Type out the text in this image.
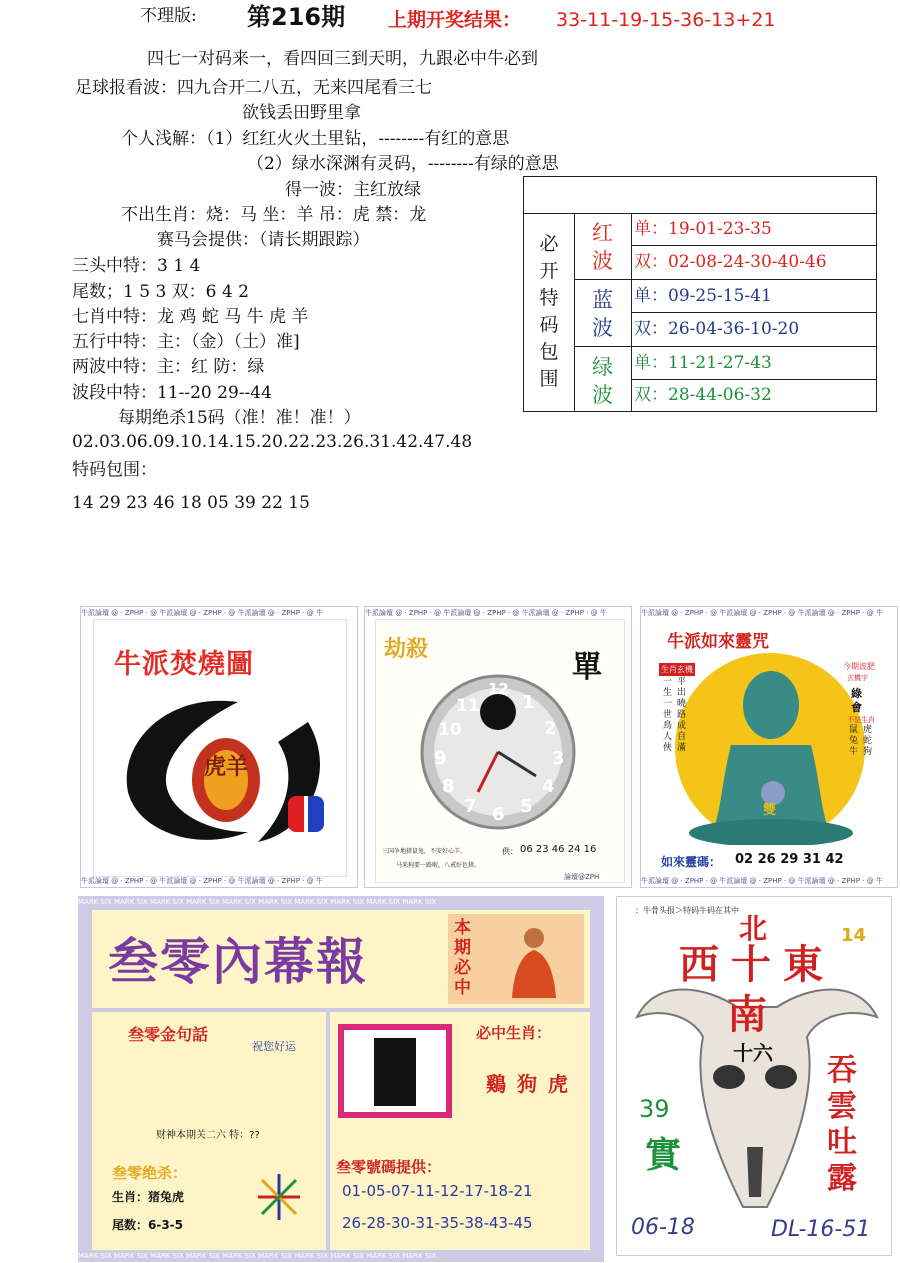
不理版: 第216期 上期开奖结果： 33-11-19-15-36-13+21
四七一对码来一，看四回三到天明，九跟必中牛必到
足球报看波：四九合开二八五，无来四尾看三七
欲钱丢田野里拿
个人浅解：（1）红红火火土里钻，--------有红的意思
（2）绿水深渊有灵码，--------有绿的意思
得一波：主红放绿
不出生肖：烧：马 坐：羊 吊：虎 禁：龙
赛马会提供：（请长期跟踪）
三头中特：3 1 4
尾数；1 5 3 双：6 4 2
七肖中特：龙 鸡 蛇 马 牛 虎 羊
五行中特：主：（金）（土）准]
两波中特：主：红 防：绿
波段中特：11--20 29--44
每期绝杀15码（准！准！准！）
02.03.06.09.10.14.15.20.22.23.26.31.42.47.48
特码包围：
14 29 23 46 18 05 39 22 15
必开特码包围
红波
单：19-01-23-35
双：02-08-24-30-40-46
蓝波
单：09-25-15-41
双：26-04-36-10-20
绿波
单：11-21-27-43
双：28-44-06-32
牛派論壇 @ · ZPHP · @ 牛派論壇 @ · ZPHP · @ 牛派論壇 @ · ZPHP · @ 牛
牛派論壇 @ · ZPHP · @ 牛派論壇 @ · ZPHP · @ 牛派論壇 @ · ZPHP · @ 牛
牛派焚燒圖
虎羊
牛派論壇 @ · ZPHP · @ 牛派論壇 @ · ZPHP · @ 牛派論壇 @ · ZPHP · @ 牛
劫殺
單
12
1
2
3
4
5
6
7
8
9
10
11
三国争地猪鼠兔，不安好心羊。
马来狗要一路啦，八戒好色猪。
供： 06 23 46 24 16
論壇@ZPH
牛派論壇 @ · ZPHP · @ 牛派論壇 @ · ZPHP · @ 牛派論壇 @ · ZPHP · @ 牛
牛派論壇 @ · ZPHP · @ 牛派論壇 @ · ZPHP · @ 牛派論壇 @ · ZPHP · @ 牛
牛派如來靈咒
生肖玄機
一生一世鳥人俠
平出曉路成自滿
今期波肥
玄機字
綠
會
不是生肖
鼠兔牛
虎蛇狗
雙
如來靈碼： 02 26 29 31 42
MARK SIX MARK SIX MARK SIX MARK SIX MARK SIX MARK SIX MARK SIX MARK SIX MARK SIX MARK SIX
MARK SIX MARK SIX MARK SIX MARK SIX MARK SIX MARK SIX MARK SIX MARK SIX MARK SIX MARK SIX
叁零內幕報
本期必中
叁零金句話
祝您好运
财神本期关二六 特：??
叁零绝杀：
生肖：猪兔虎
尾数：6-3-5
必中生肖：
鷄 狗 虎
叁零號碼提供：
01-05-07-11-12-17-18-21
26-28-30-31-35-38-43-45
：牛骨头报＞特码牛码在其中
北
西 十 東
南
十六
14
39
實
吞雲吐露
06-18	DL-16-51
